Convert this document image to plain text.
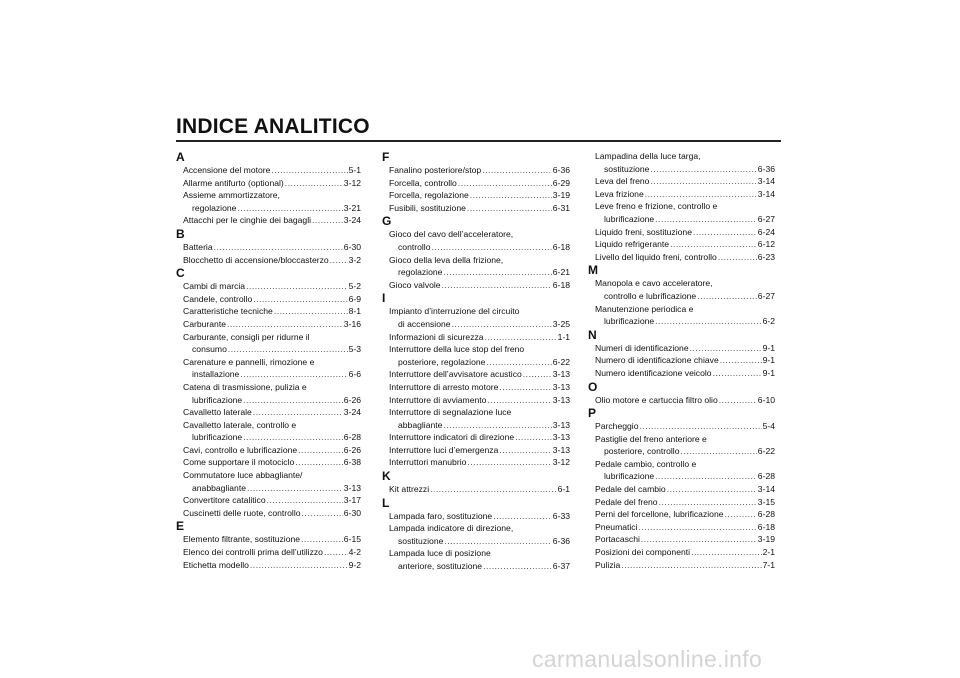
INDICE ANALITICO
A
Accensione del motore .....	5-1
Allarme antifurto (optional) .....	3-12
Assieme ammortizzatore,
regolazione .....	3-21
Attacchi per le cinghie dei bagagli .....	3-24
B
Batteria .....	6-30
Blocchetto di accensione/bloccasterzo ..... 3-2
C
Cambi di marcia .....	5-2
Candele, controllo .....	6-9
Caratteristiche tecniche .....	8-1
Carburante .....	3-16
Carburante, consigli per ridurne il
consumo .....	5-3
Carenature e pannelli, rimozione e
installazione .....	6-6
Catena di trasmissione, pulizia e
lubrificazione .....	6-26
Cavalletto laterale .....	3-24
Cavalletto laterale, controllo e
lubrificazione .....	6-28
Cavi, controllo e lubrificazione .....	6-26
Come supportare il motociclo .....	6-38
Commutatore luce abbagliante/
anabbagliante .....	3-13
Convertitore catalitico .....	3-17
Cuscinetti delle ruote, controllo .....	6-30
E
Elemento filtrante, sostituzione .....	6-15
Elenco dei controlli prima dell’utilizzo .....	4-2
Etichetta modello .....	9-2
F
Fanalino posteriore/stop .....	6-36
Forcella, controllo .....	6-29
Forcella, regolazione .....	3-19
Fusibili, sostituzione .....	6-31
G
Gioco del cavo dell’acceleratore,
controllo .....	6-18
Gioco della leva della frizione,
regolazione .....	6-21
Gioco valvole .....	6-18
I
Impianto d’interruzione del circuito
di accensione .....	3-25
Informazioni di sicurezza .....	1-1
Interruttore della luce stop del freno
posteriore, regolazione .....	6-22
Interruttore dell’avvisatore acustico .....	3-13
Interruttore di arresto motore .....	3-13
Interruttore di avviamento .....	3-13
Interruttore di segnalazione luce
abbagliante .....	3-13
Interruttore indicatori di direzione .....	3-13
Interruttore luci d’emergenza .....	3-13
Interruttori manubrio .....	3-12
K
Kit attrezzi .....	6-1
L
Lampada faro, sostituzione .....	6-33
Lampada indicatore di direzione,
sostituzione .....	6-36
Lampada luce di posizione
anteriore, sostituzione .....	6-37
Lampadina della luce targa,
sostituzione .....	6-36
Leva del freno .....	3-14
Leva frizione .....	3-14
Leve freno e frizione, controllo e
lubrificazione .....	6-27
Liquido freni, sostituzione .....	6-24
Liquido refrigerante .....	6-12
Livello del liquido freni, controllo .....	6-23
M
Manopola e cavo acceleratore,
controllo e lubrificazione .....	6-27
Manutenzione periodica e
lubrificazione .....	6-2
N
Numeri di identificazione .....	9-1
Numero di identificazione chiave .....	9-1
Numero identificazione veicolo .....	9-1
O
Olio motore e cartuccia filtro olio .....	6-10
P
Parcheggio .....	5-4
Pastiglie del freno anteriore e
posteriore, controllo .....	6-22
Pedale cambio, controllo e
lubrificazione .....	6-28
Pedale del cambio .....	3-14
Pedale del freno .....	3-15
Perni del forcellone, lubrificazione .....	6-28
Pneumatici .....	6-18
Portacaschi .....	3-19
Posizioni dei componenti .....	2-1
Pulizia .....	7-1
carmanualsonline.info
